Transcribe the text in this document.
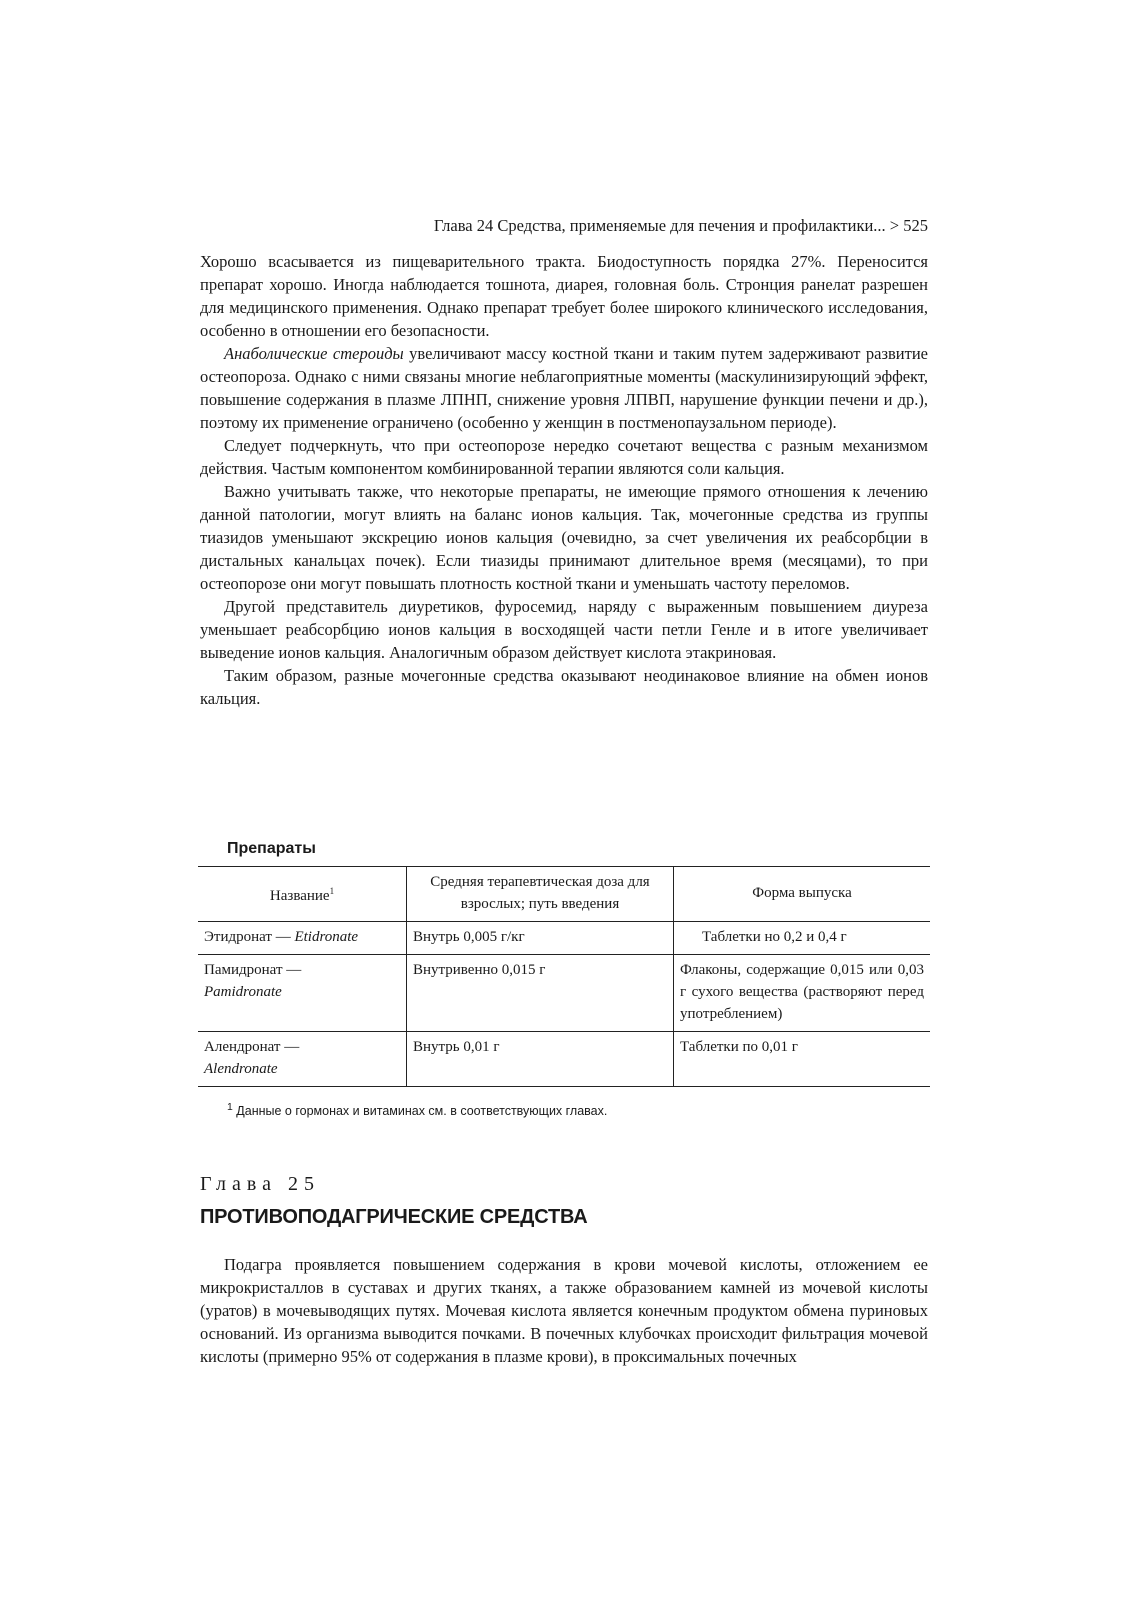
Глава 24 Средства, применяемые для печения и профилактики... > 525

Хорошо всасывается из пищеварительного тракта. Биодоступность порядка 27%. Переносится препарат хорошо. Иногда наблюдается тошнота, диарея, головная боль. Стронция ранелат разрешен для медицинского применения. Однако препарат требует более широкого клинического исследования, особенно в отношении его безопасности.

Анаболические стероиды увеличивают массу костной ткани и таким путем задерживают развитие остеопороза. Однако с ними связаны многие неблагоприятные моменты (маскулинизирующий эффект, повышение содержания в плазме ЛПНП, снижение уровня ЛПВП, нарушение функции печени и др.), поэтому их применение ограничено (особенно у женщин в постменопаузальном периоде).

Следует подчеркнуть, что при остеопорозе нередко сочетают вещества с разным механизмом действия. Частым компонентом комбинированной терапии являются соли кальция.

Важно учитывать также, что некоторые препараты, не имеющие прямого отношения к лечению данной патологии, могут влиять на баланс ионов кальция. Так, мочегонные средства из группы тиазидов уменьшают экскрецию ионов кальция (очевидно, за счет увеличения их реабсорбции в дистальных канальцах почек). Если тиазиды принимают длительное время (месяцами), то при остеопорозе они могут повышать плотность костной ткани и уменьшать частоту переломов.

Другой представитель диуретиков, фуросемид, наряду с выраженным повышением диуреза уменьшает реабсорбцию ионов кальция в восходящей части петли Генле и в итоге увеличивает выведение ионов кальция. Аналогичным образом действует кислота этакриновая.

Таким образом, разные мочегонные средства оказывают неодинаковое влияние на обмен ионов кальция.

Препараты
Название$^1$	Средняя терапевтическая доза для взрослых; путь введения	Форма выпуска
Этидронат — Etidronate	Внутрь 0,005 г/кг	Таблетки но 0,2 и 0,4 г
Памидронат —
Pamidronate	Внутривенно 0,015 г	Флаконы, содержащие 0,015 или 0,03 г сухого вещества (растворяют перед употреблением)
Алендронат —
Alendronate	Внутрь 0,01 г	Таблетки по 0,01 г
$^1$ Данные о гормонах и витаминах см. в соответствующих главах.
Глава 25
ПРОТИВОПОДАГРИЧЕСКИЕ СРЕДСТВА

Подагра проявляется повышением содержания в крови мочевой кислоты, отложением ее микрокристаллов в суставах и других тканях, а также образованием камней из мочевой кислоты (уратов) в мочевыводящих путях. Мочевая кислота является конечным продуктом обмена пуриновых оснований. Из организма выводится почками. В почечных клубочках происходит фильтрация мочевой кислоты (примерно 95% от содержания в плазме крови), в проксимальных почечных
